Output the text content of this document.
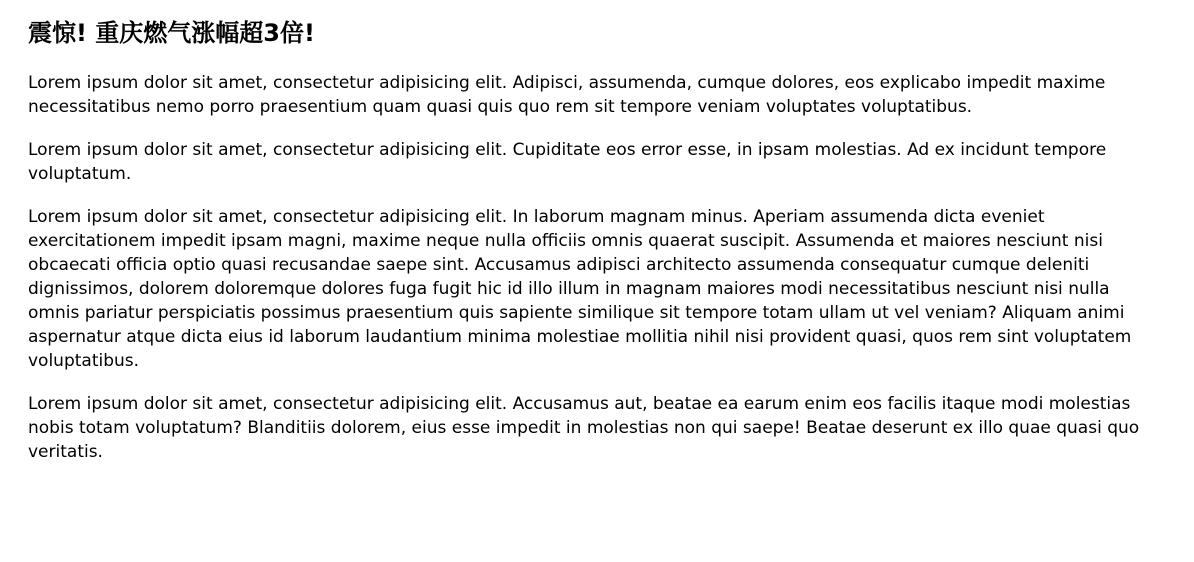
震惊! 重庆燃气涨幅超3倍!

Lorem ipsum dolor sit amet, consectetur adipisicing elit. Adipisci, assumenda, cumque dolores, eos explicabo impedit maxime necessitatibus nemo porro praesentium quam quasi quis quo rem sit tempore veniam voluptates voluptatibus.

Lorem ipsum dolor sit amet, consectetur adipisicing elit. Cupiditate eos error esse, in ipsam molestias. Ad ex incidunt tempore voluptatum.

Lorem ipsum dolor sit amet, consectetur adipisicing elit. In laborum magnam minus. Aperiam assumenda dicta eveniet exercitationem impedit ipsam magni, maxime neque nulla officiis omnis quaerat suscipit. Assumenda et maiores nesciunt nisi obcaecati officia optio quasi recusandae saepe sint. Accusamus adipisci architecto assumenda consequatur cumque deleniti dignissimos, dolorem doloremque dolores fuga fugit hic id illo illum in magnam maiores modi necessitatibus nesciunt nisi nulla omnis pariatur perspiciatis possimus praesentium quis sapiente similique sit tempore totam ullam ut vel veniam? Aliquam animi aspernatur atque dicta eius id laborum laudantium minima molestiae mollitia nihil nisi provident quasi, quos rem sint voluptatem voluptatibus.

Lorem ipsum dolor sit amet, consectetur adipisicing elit. Accusamus aut, beatae ea earum enim eos facilis itaque modi molestias nobis totam voluptatum? Blanditiis dolorem, eius esse impedit in molestias non qui saepe! Beatae deserunt ex illo quae quasi quo veritatis.
